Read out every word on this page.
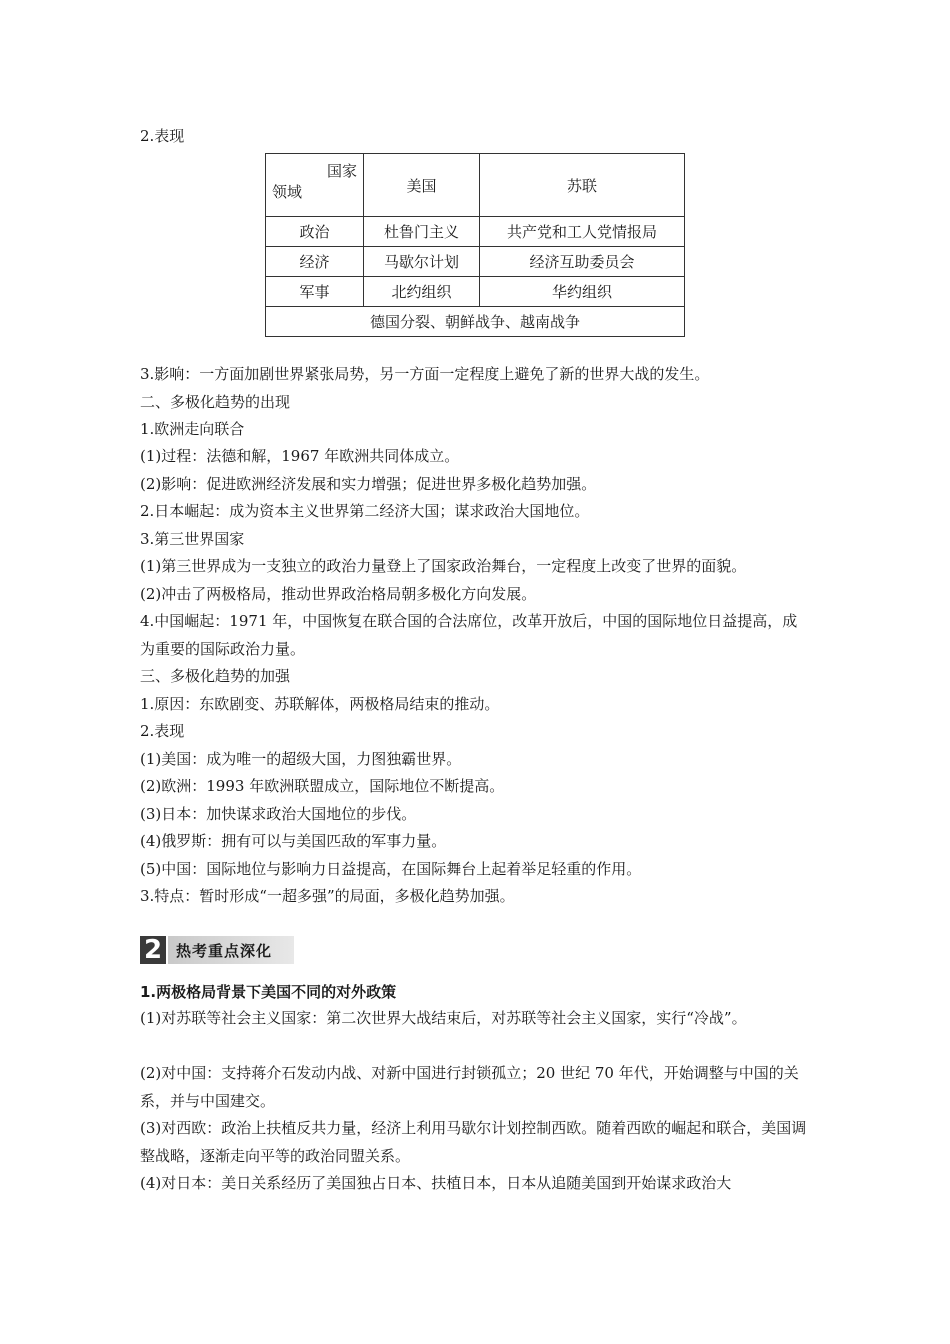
2.表现
国家
领域	美国	苏联
政治	杜鲁门主义	共产党和工人党情报局
经济	马歇尔计划	经济互助委员会
军事	北约组织	华约组织
德国分裂、朝鲜战争、越南战争		
3.影响：一方面加剧世界紧张局势，另一方面一定程度上避免了新的世界大战的发生。
二、多极化趋势的出现
1.欧洲走向联合
(1)过程：法德和解，1967 年欧洲共同体成立。
(2)影响：促进欧洲经济发展和实力增强；促进世界多极化趋势加强。
2.日本崛起：成为资本主义世界第二经济大国；谋求政治大国地位。
3.第三世界国家
(1)第三世界成为一支独立的政治力量登上了国家政治舞台，一定程度上改变了世界的面貌。
(2)冲击了两极格局，推动世界政治格局朝多极化方向发展。
4.中国崛起：1971 年，中国恢复在联合国的合法席位，改革开放后，中国的国际地位日益提高，成为重要的国际政治力量。
三、多极化趋势的加强
1.原因：东欧剧变、苏联解体，两极格局结束的推动。
2.表现
(1)美国：成为唯一的超级大国，力图独霸世界。
(2)欧洲：1993 年欧洲联盟成立，国际地位不断提高。
(3)日本：加快谋求政治大国地位的步伐。
(4)俄罗斯：拥有可以与美国匹敌的军事力量。
(5)中国：国际地位与影响力日益提高，在国际舞台上起着举足轻重的作用。
3.特点：暂时形成“一超多强”的局面，多极化趋势加强。
2 热考重点深化
1.两极格局背景下美国不同的对外政策
(1)对苏联等社会主义国家：第二次世界大战结束后，对苏联等社会主义国家，实行“冷战”。
(2)对中国：支持蒋介石发动内战、对新中国进行封锁孤立；20 世纪 70 年代，开始调整与中国的关系，并与中国建交。
(3)对西欧：政治上扶植反共力量，经济上利用马歇尔计划控制西欧。随着西欧的崛起和联合，美国调整战略，逐渐走向平等的政治同盟关系。
(4)对日本：美日关系经历了美国独占日本、扶植日本，日本从追随美国到开始谋求政治大
